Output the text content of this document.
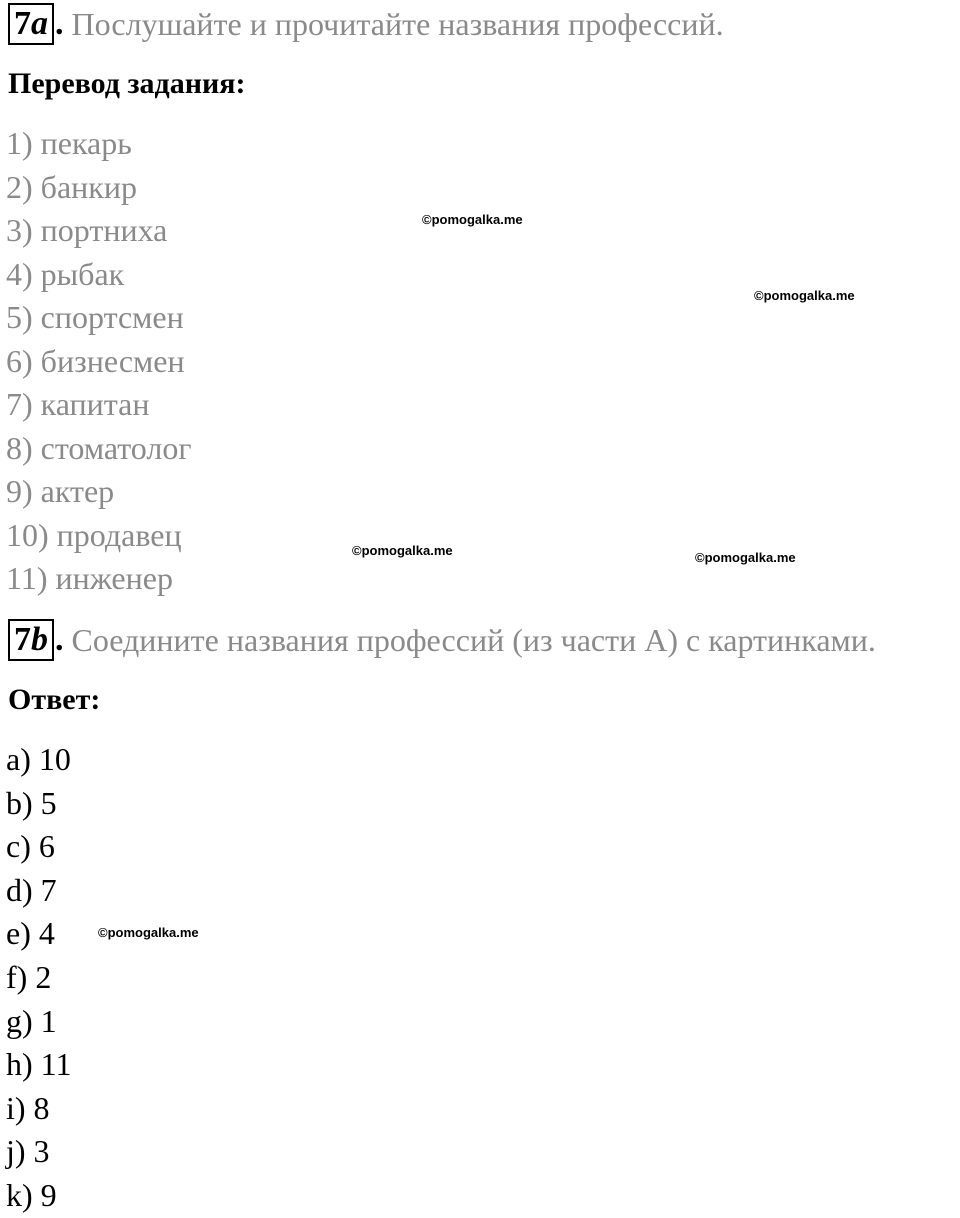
7a . Послушайте и прочитайте названия профессий.
Перевод задания:
1) пекарь
2) банкир
3) портниха
4) рыбак
5) спортсмен
6) бизнесмен
7) капитан
8) стоматолог
9) актер
10) продавец
11) инженер
7b . Соедините названия профессий (из части А) с картинками.
Ответ:
a) 10
b) 5
c) 6
d) 7
e) 4
f) 2
g) 1
h) 11
i) 8
j) 3
k) 9
©pomogalka.me
©pomogalka.me
©pomogalka.me	©pomogalka.me
©pomogalka.me
